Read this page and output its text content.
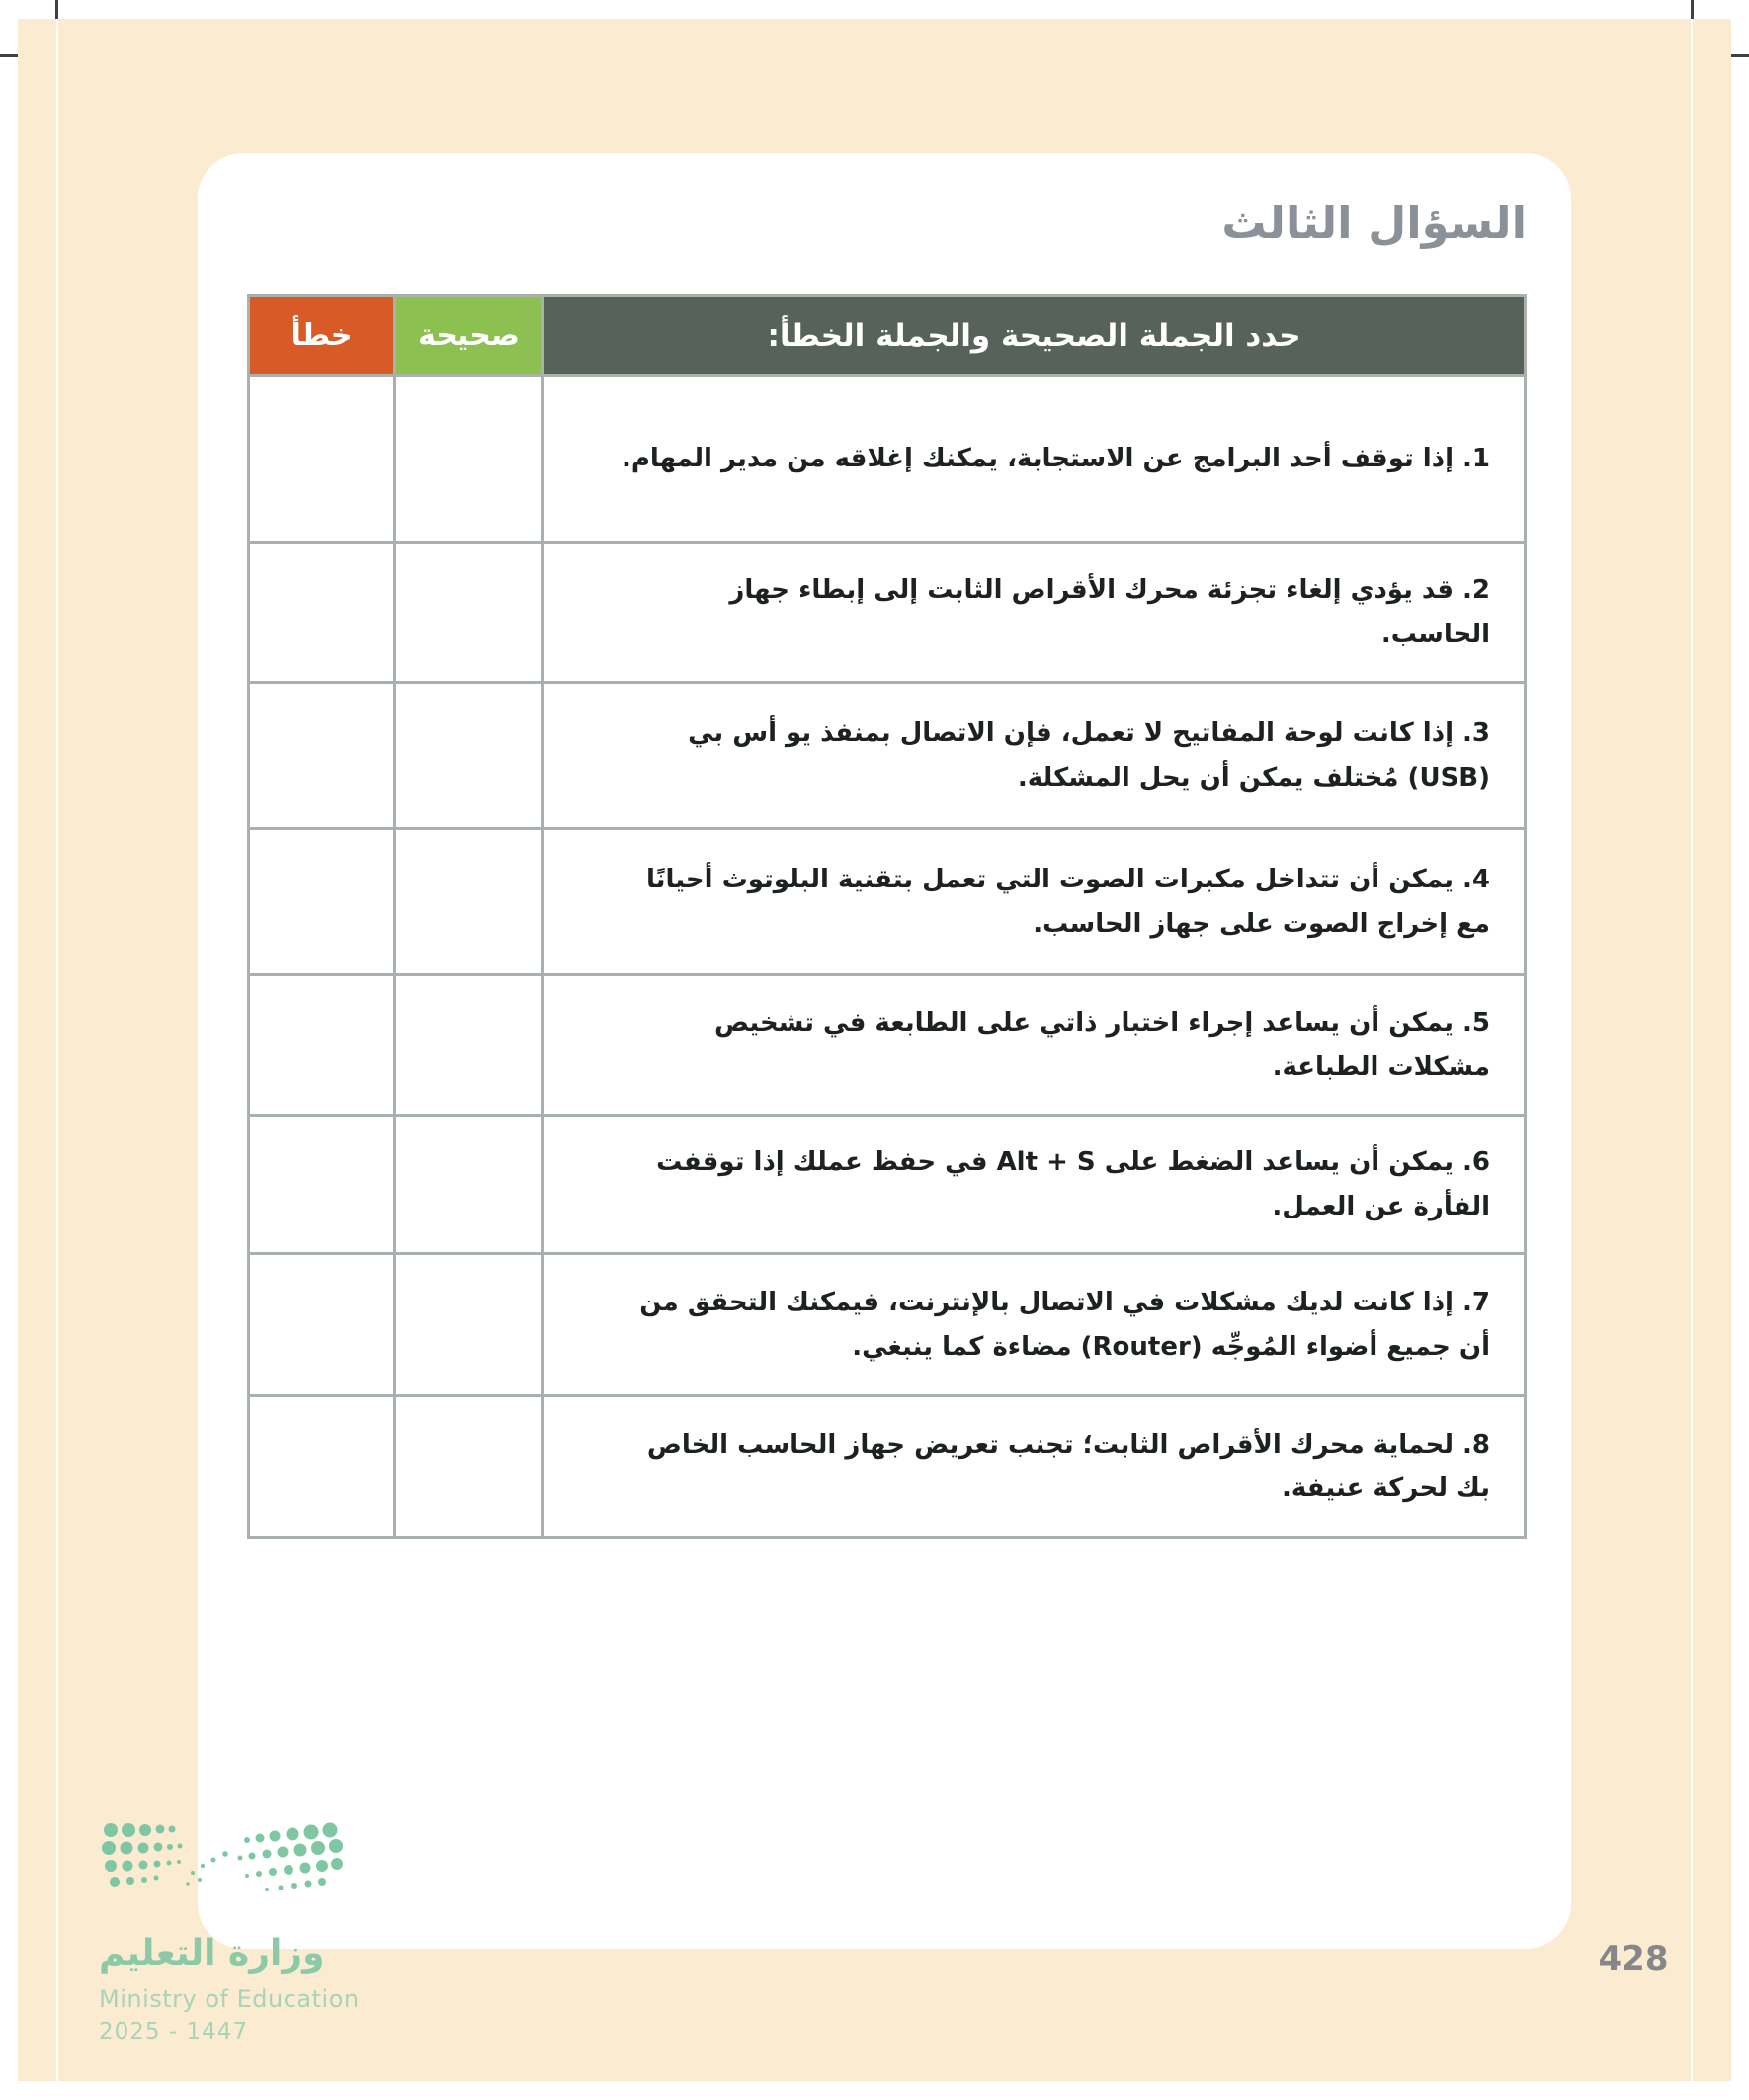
السؤال الثالث
حدد الجملة الصحيحة والجملة الخطأ:	صحيحة	خطأ
1. إذا توقف أحد البرامج عن الاستجابة، يمكنك إغلاقه من مدير المهام.		
2. قد يؤدي إلغاء تجزئة محرك الأقراص الثابت إلى إبطاء جهاز الحاسب.		
3. إذا كانت لوحة المفاتيح لا تعمل، فإن الاتصال بمنفذ يو أس بي (USB) مُختلف يمكن أن يحل المشكلة.		
4. يمكن أن تتداخل مكبرات الصوت التي تعمل بتقنية البلوتوث أحيانًا مع إخراج الصوت على جهاز الحاسب.		
5. يمكن أن يساعد إجراء اختبار ذاتي على الطابعة في تشخيص مشكلات الطباعة.		
6. يمكن أن يساعد الضغط على Alt + S في حفظ عملك إذا توقفت الفأرة عن العمل.		
7. إذا كانت لديك مشكلات في الاتصال بالإنترنت، فيمكنك التحقق من أن جميع أضواء المُوجِّه (Router) مضاءة كما ينبغي.		
8. لحماية محرك الأقراص الثابت؛ تجنب تعريض جهاز الحاسب الخاص بك لحركة عنيفة.		
وزارة التعليم
Ministry of Education
2025 - 1447
428
